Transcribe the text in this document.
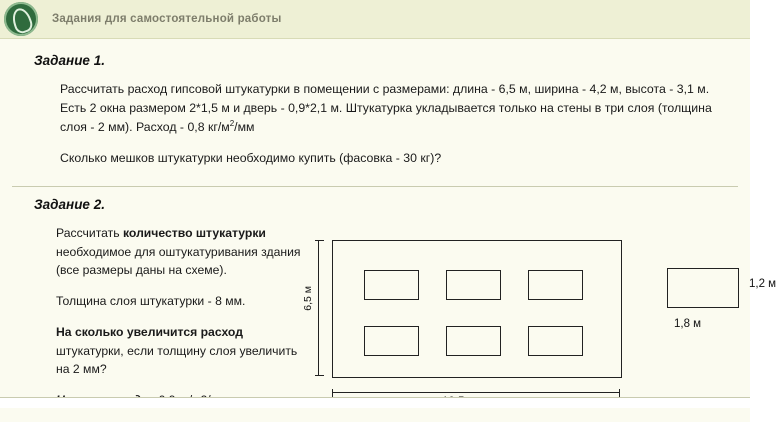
Задания для самостоятельной работы
Задание 1.

Рассчитать расход гипсовой штукатурки в помещении с размерами: длина - 6,5 м, ширина - 4,2 м, высота - 3,1 м. Есть 2 окна размером 2*1,5 м и дверь - 0,9*2,1 м. Штукатурка укладывается только на стены в три слоя (толщина слоя - 2 мм). Расход - 0,8 $кг/м^2/мм$

Сколько мешков штукатурки необходимо купить (фасовка - 30 кг)?

Задание 2.

Рассчитать количество штукатурки необходимое для оштукатуривания здания (все размеры даны на схеме).

Толщина слоя штукатурки - 8 мм.

На сколько увеличится расход штукатурки, если толщину слоя увеличить на 2 мм?

6,5 м
1,2 м
1,8 м
